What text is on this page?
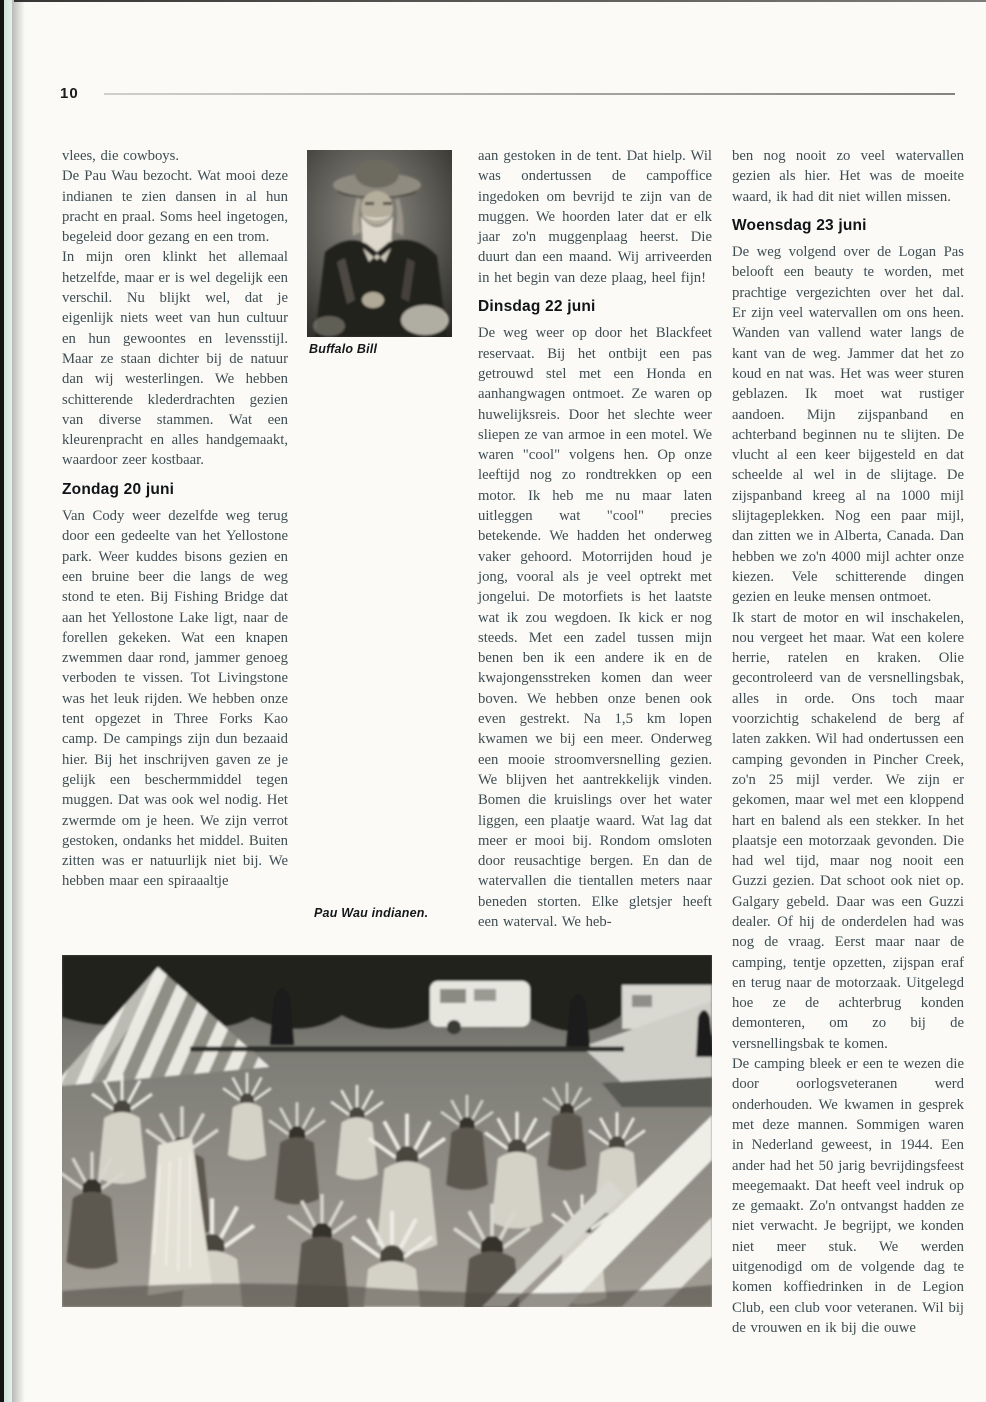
10

vlees, die cowboys.

De Pau Wau bezocht. Wat mooi deze indianen te zien dansen in al hun pracht en praal. Soms heel ingetogen, begeleid door gezang en een trom.

In mijn oren klinkt het allemaal hetzelfde, maar er is wel degelijk een verschil. Nu blijkt wel, dat je eigenlijk niets weet van hun cultuur en hun gewoontes en levensstijl. Maar ze staan dichter bij de natuur dan wij westerlingen. We hebben schitterende klederdrachten gezien van diverse stammen. Wat een kleurenpracht en alles handgemaakt, waardoor zeer kostbaar.

Zondag 20 juni

Van Cody weer dezelfde weg terug door een gedeelte van het Yellostone park. Weer kuddes bisons gezien en een bruine beer die langs de weg stond te eten. Bij Fishing Bridge dat aan het Yellostone Lake ligt, naar de forellen gekeken. Wat een knapen zwemmen daar rond, jammer genoeg verboden te vissen. Tot Livingstone was het leuk rijden. We hebben onze tent opgezet in Three Forks Kao camp. De campings zijn dun bezaaid hier. Bij het inschrijven gaven ze je gelijk een beschermmiddel tegen muggen. Dat was ook wel nodig. Het zwermde om je heen. We zijn verrot gestoken, ondanks het middel. Buiten zitten was er natuurlijk niet bij. We hebben maar een spiraaaltje

Buffalo Bill

aan gestoken in de tent. Dat hielp. Wil was ondertussen de campoffice ingedoken om bevrijd te zijn van de muggen. We hoorden later dat er elk jaar zo'n muggenplaag heerst. Die duurt dan een maand. Wij arriveerden in het begin van deze plaag, heel fijn!

Dinsdag 22 juni

De weg weer op door het Blackfeet reservaat. Bij het ontbijt een pas getrouwd stel met een Honda en aanhangwagen ontmoet. Ze waren op huwelijksreis. Door het slechte weer sliepen ze van armoe in een motel. We waren "cool" volgens hen. Op onze leeftijd nog zo rondtrekken op een motor. Ik heb me nu maar laten uitleggen wat "cool" precies betekende. We hadden het onderweg vaker gehoord. Motorrijden houd je jong, vooral als je veel optrekt met jongelui. De motorfiets is het laatste wat ik zou wegdoen. Ik kick er nog steeds. Met een zadel tussen mijn benen ben ik een andere ik en de kwajongensstreken komen dan weer boven. We hebben onze benen ook even gestrekt. Na 1,5 km lopen kwamen we bij een meer. Onderweg een mooie stroomversnelling gezien. We blijven het aantrekkelijk vinden. Bomen die kruislings over het water liggen, een plaatje waard. Wat lag dat meer er mooi bij. Rondom omsloten door reusachtige bergen. En dan de watervallen die tientallen meters naar beneden storten. Elke gletsjer heeft een waterval. We heb-

ben nog nooit zo veel watervallen gezien als hier. Het was de moeite waard, ik had dit niet willen missen.

Woensdag 23 juni

De weg volgend over de Logan Pas belooft een beauty te worden, met prachtige vergezichten over het dal. Er zijn veel watervallen om ons heen. Wanden van vallend water langs de kant van de weg. Jammer dat het zo koud en nat was. Het was weer sturen geblazen. Ik moet wat rustiger aandoen. Mijn zijspanband en achterband beginnen nu te slijten. De vlucht al een keer bijgesteld en dat scheelde al wel in de slijtage. De zijspanband kreeg al na 1000 mijl slijtageplekken. Nog een paar mijl, dan zitten we in Alberta, Canada. Dan hebben we zo'n 4000 mijl achter onze kiezen. Vele schitterende dingen gezien en leuke mensen ontmoet.

Ik start de motor en wil inschakelen, nou vergeet het maar. Wat een kolere herrie, ratelen en kraken. Olie gecontroleerd van de versnellingsbak, alles in orde. Ons toch maar voorzichtig schakelend de berg af laten zakken. Wil had ondertussen een camping gevonden in Pincher Creek, zo'n 25 mijl verder. We zijn er gekomen, maar wel met een kloppend hart en balend als een stekker. In het plaatsje een motorzaak gevonden. Die had wel tijd, maar nog nooit een Guzzi gezien. Dat schoot ook niet op. Galgary gebeld. Daar was een Guzzi dealer. Of hij de onderdelen had was nog de vraag. Eerst maar naar de camping, tentje opzetten, zijspan eraf en terug naar de motorzaak. Uitgelegd hoe ze de achterbrug konden demonteren, om zo bij de versnellingsbak te komen.

De camping bleek er een te wezen die door oorlogsveteranen werd onderhouden. We kwamen in gesprek met deze mannen. Sommigen waren in Nederland geweest, in 1944. Een ander had het 50 jarig bevrijdingsfeest meegemaakt. Dat heeft veel indruk op ze gemaakt. Zo'n ontvangst hadden ze niet verwacht. Je begrijpt, we konden niet meer stuk. We werden uitgenodigd om de volgende dag te komen koffiedrinken in de Legion Club, een club voor veteranen. Wil bij de vrouwen en ik bij die ouwe

Pau Wau indianen.
